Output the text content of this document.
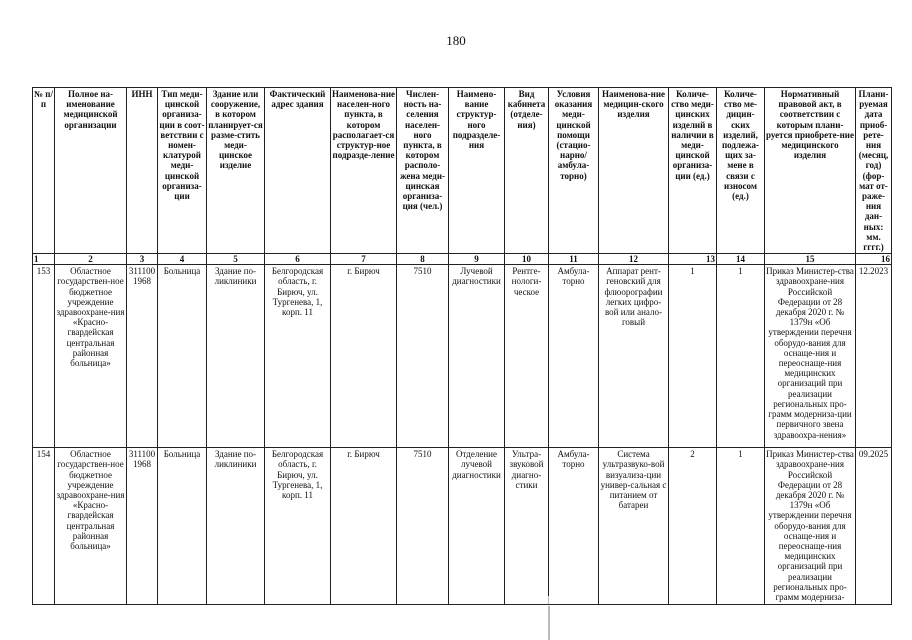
180
№ п/п	Полное на-именование медицинской организации	ИНН	Тип меди-цинской организа-ции в соот-ветствии с номен-клатурой меди-цинской организа-ции	Здание или сооружение, в котором планирует-ся разме-стить меди-цинское изделие	Фактический адрес здания	Наименова-ние населен-ного пункта, в котором располагает-ся структур-ное подразде-ление	Числен-ность на-селения населен-ного пункта, в котором располо-жена меди-цинская организа-ция (чел.)	Наимено-вание структур-ного подразделе-ния	Вид кабинета (отделе-ния)	Условия оказания меди-цинской помощи (стацио-нарно/ амбула-торно)	Наименова-ние медицин-ского изделия	Количе-ство меди-цинских изделий в наличии в меди-цинской организа-ции (ед.)	Количе-ство ме-дицин-ских изделий, подлежа-щих за-мене в связи с износом (ед.)	Нормативный правовой акт, в соответствии с которым плани-руется приобрете-ние медицинского изделия	Плани-руемая дата приоб-рете-ния (месяц, год) (фор-мат от-раже-ния дан-ных: мм. гггг.)
1	2	3	4	5	6	7	8	9	10	11	12	13	14	15	16
153	Областное государствен-ное бюджетное учреждение здравоохране-ния «Красно-гвардейская центральная районная больница»	3111001968	Больница	Здание по-ликлиники	Белгородская область, г. Бирюч, ул. Тургенева, 1, корп. 11	г. Бирюч	7510	Лучевой диагностики	Рентге-нологи-ческое	Амбула-торно	Аппарат рент-геновский для флюорографии легких цифро-вой или анало-говый	1	1	Приказ Министер-ства здравоохране-ния Российской Федерации от 28 декабря 2020 г. № 1379н «Об утверждении перечня оборудо-вания для оснаще-ния и переоснаще-ния медицинских организаций при реализации региональных про-грамм модерниза-ции первичного звена здравоохра-нения»	12.2023
154	Областное государствен-ное бюджетное учреждение здравоохране-ния «Красно-гвардейская центральная районная больница»	3111001968	Больница	Здание по-ликлиники	Белгородская область, г. Бирюч, ул. Тургенева, 1, корп. 11	г. Бирюч	7510	Отделение лучевой диагностики	Ультра-звуковой диагно-стики	Амбула-торно	Система ультразвуко-вой визуализа-ции универ-сальная с питанием от батареи	2	1	Приказ Министер-ства здравоохране-ния Российской Федерации от 28 декабря 2020 г. № 1379н «Об утверждении перечня оборудо-вания для оснаще-ния и переоснаще-ния медицинских организаций при реализации региональных про-грамм модерниза-	09.2025
